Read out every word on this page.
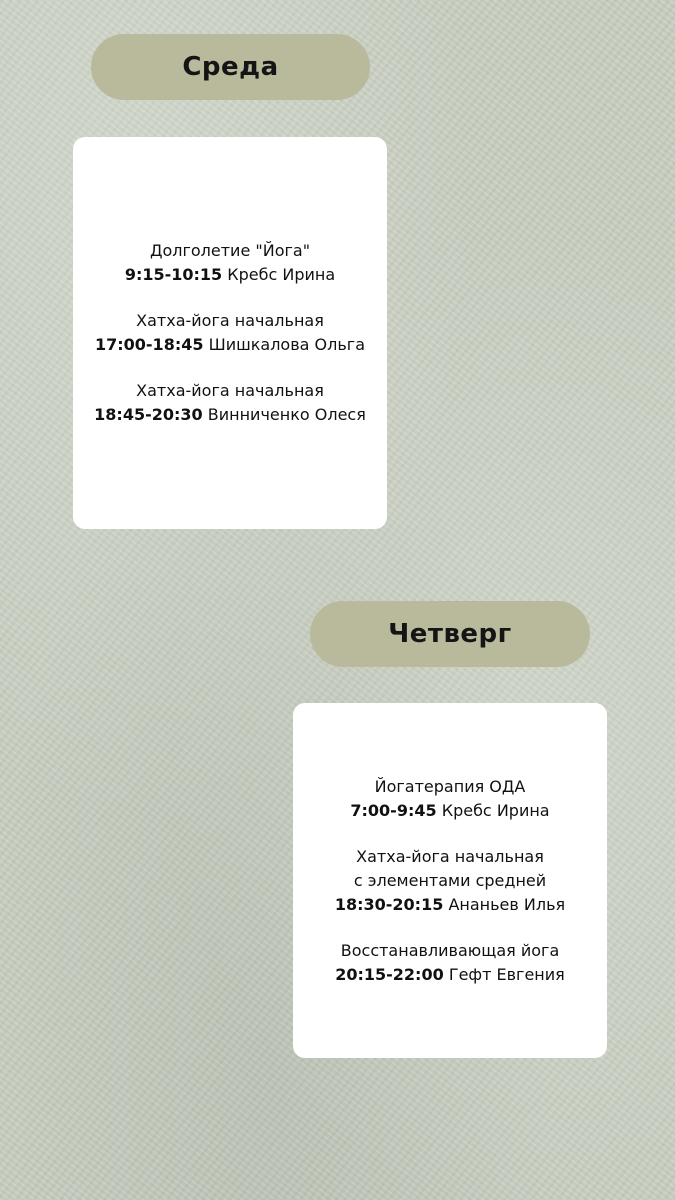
Среда
Долголетие "Йога"
9:15-10:15 Кребс Ирина
Хатха-йога начальная
17:00-18:45 Шишкалова Ольга
Хатха-йога начальная
18:45-20:30 Винниченко Олеся
Четверг
Йогатерапия ОДА
7:00-9:45 Кребс Ирина
Хатха-йога начальная
с элементами средней
18:30-20:15 Ананьев Илья
Восстанавливающая йога
20:15-22:00 Гефт Евгения
